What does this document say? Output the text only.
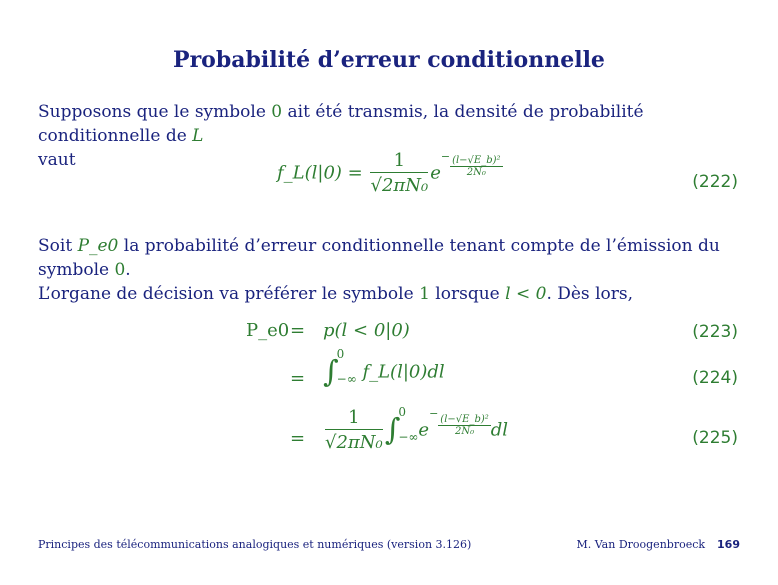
Probabilité d’erreur conditionnelle
Supposons que le symbole 0 ait été transmis, la densité de probabilité conditionnelle de L
vaut
f_L(l|0) = $\frac{1}{\text{√2πN₀}} e^{- \frac{\text{(l−√E\_b)²}}{\text{2N₀}}}$
(222)
Soit P_e0 la probabilité d’erreur conditionnelle tenant compte de l’émission du symbole 0.
L’organe de décision va préférer le symbole 1 lorsque l < 0. Dès lors,
P_e0 = p(l < 0|0)	(223)
= ∫
0
−∞ f_L(l|0)dl	(224)
= $\frac{1}{\text{√2πN₀}}$ ∫
0
−∞ $e^{- \frac{\text{(l−√E\_b)²}}{\text{2N₀}}}dl$	(225)
Principes des télécommunications analogiques et numériques (version 3.126)	M. Van Droogenbroeck 169
